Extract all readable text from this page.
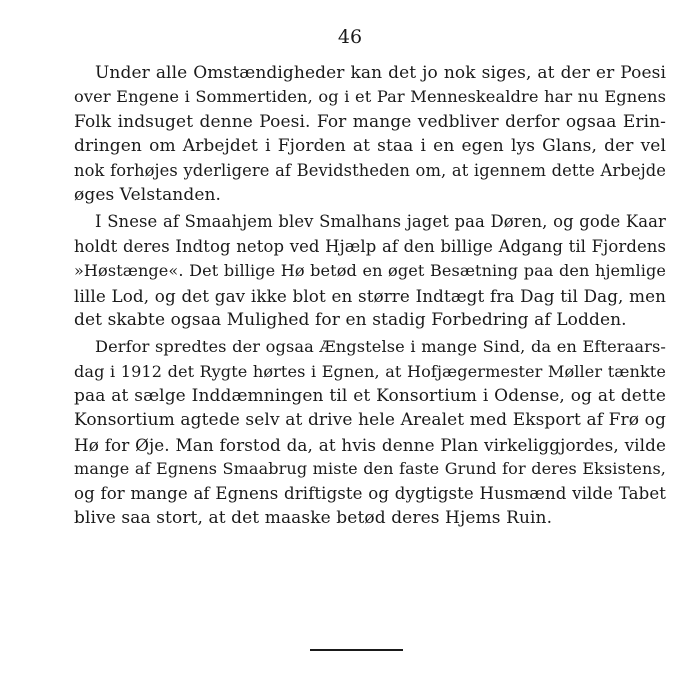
46
Under alle Omstændigheder kan det jo nok siges, at der er Poesi
over Engene i Sommertiden, og i et Par Menneskealdre har nu Egnens
Folk indsuget denne Poesi. For mange vedbliver derfor ogsaa Erin-
dringen om Arbejdet i Fjorden at staa i en egen lys Glans, der vel
nok forhøjes yderligere af Bevidstheden om, at igennem dette Arbejde
øges Velstanden.
I Snese af Smaahjem blev Smalhans jaget paa Døren, og gode Kaar
holdt deres Indtog netop ved Hjælp af den billige Adgang til Fjordens
»Høstænge«. Det billige Hø betød en øget Besætning paa den hjemlige
lille Lod, og det gav ikke blot en større Indtægt fra Dag til Dag, men
det skabte ogsaa Mulighed for en stadig Forbedring af Lodden.
Derfor spredtes der ogsaa Ængstelse i mange Sind, da en Efteraars-
dag i 1912 det Rygte hørtes i Egnen, at Hofjægermester Møller tænkte
paa at sælge Inddæmningen til et Konsortium i Odense, og at dette
Konsortium agtede selv at drive hele Arealet med Eksport af Frø og
Hø for Øje. Man forstod da, at hvis denne Plan virkeliggjordes, vilde
mange af Egnens Smaabrug miste den faste Grund for deres Eksistens,
og for mange af Egnens driftigste og dygtigste Husmænd vilde Tabet
blive saa stort, at det maaske betød deres Hjems Ruin.
